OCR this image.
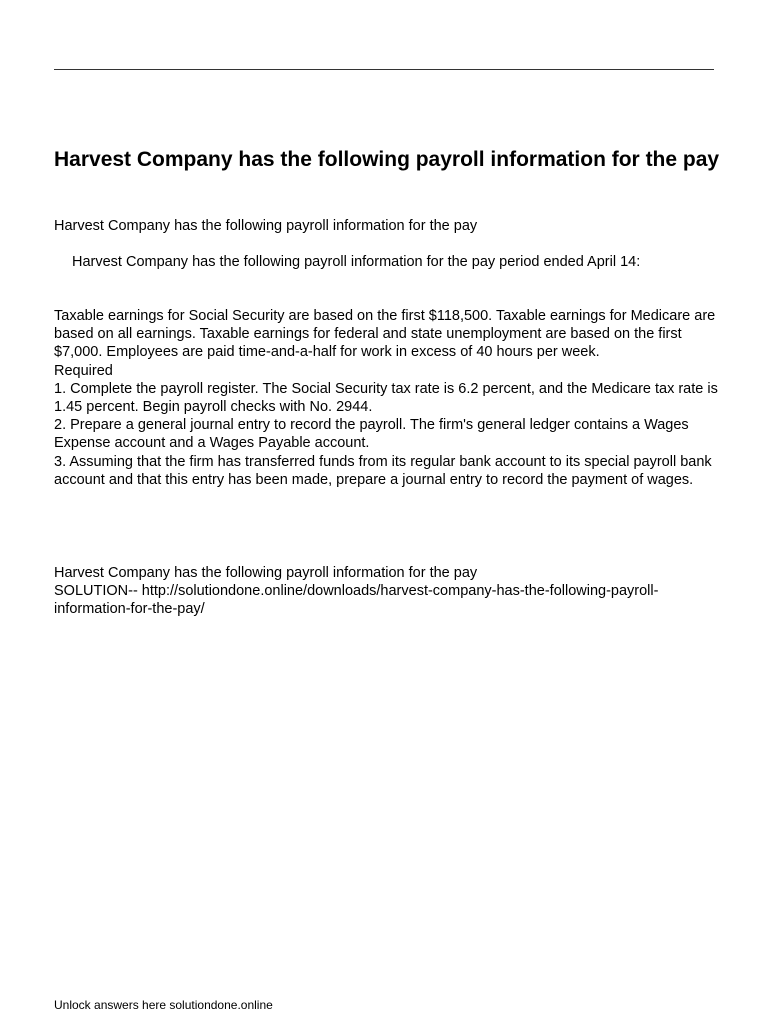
Harvest Company has the following payroll information for the pay

Harvest Company has the following payroll information for the pay

Harvest Company has the following payroll information for the pay period ended April 14:

Taxable earnings for Social Security are based on the first $118,500. Taxable earnings for Medicare are based on all earnings. Taxable earnings for federal and state unemployment are based on the first $7,000. Employees are paid time-and-a-half for work in excess of 40 hours per week.
Required
1. Complete the payroll register. The Social Security tax rate is 6.2 percent, and the Medicare tax rate is 1.45 percent. Begin payroll checks with No. 2944.
2. Prepare a general journal entry to record the payroll. The firm's general ledger contains a Wages Expense account and a Wages Payable account.
3. Assuming that the firm has transferred funds from its regular bank account to its special payroll bank account and that this entry has been made, prepare a journal entry to record the payment of wages.
Harvest Company has the following payroll information for the pay
SOLUTION-- http://solutiondone.online/downloads/harvest-company-has-the-following-payroll-information-for-the-pay/

Unlock answers here solutiondone.online
